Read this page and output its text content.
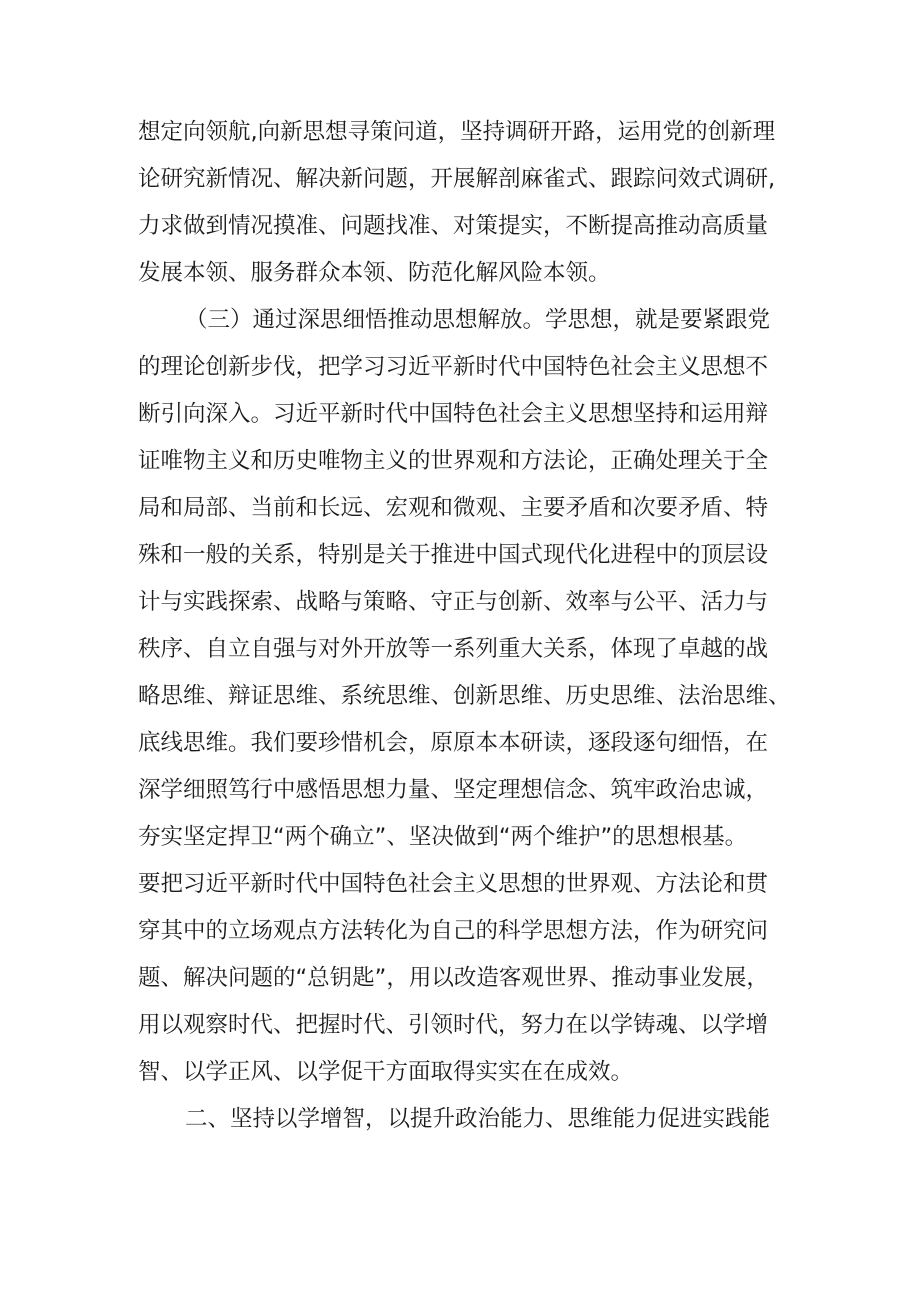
想定向领航,向新思想寻策问道，坚持调研开路，运用党的创新理
论研究新情况、解决新问题，开展解剖麻雀式、跟踪问效式调研,
力求做到情况摸准、问题找准、对策提实，不断提高推动高质量
发展本领、服务群众本领、防范化解风险本领。
（三）通过深思细悟推动思想解放。学思想，就是要紧跟党
的理论创新步伐，把学习习近平新时代中国特色社会主义思想不
断引向深入。习近平新时代中国特色社会主义思想坚持和运用辩
证唯物主义和历史唯物主义的世界观和方法论，正确处理关于全
局和局部、当前和长远、宏观和微观、主要矛盾和次要矛盾、特
殊和一般的关系，特别是关于推进中国式现代化进程中的顶层设
计与实践探索、战略与策略、守正与创新、效率与公平、活力与
秩序、自立自强与对外开放等一系列重大关系，体现了卓越的战
略思维、辩证思维、系统思维、创新思维、历史思维、法治思维、
底线思维。我们要珍惜机会，原原本本研读，逐段逐句细悟，在
深学细照笃行中感悟思想力量、坚定理想信念、筑牢政治忠诚，
夯实坚定捍卫“两个确立”、坚决做到“两个维护”的思想根基。
要把习近平新时代中国特色社会主义思想的世界观、方法论和贯
穿其中的立场观点方法转化为自己的科学思想方法，作为研究问
题、解决问题的“总钥匙”，用以改造客观世界、推动事业发展，
用以观察时代、把握时代、引领时代，努力在以学铸魂、以学增
智、以学正风、以学促干方面取得实实在在成效。
二、坚持以学增智，以提升政治能力、思维能力促进实践能
